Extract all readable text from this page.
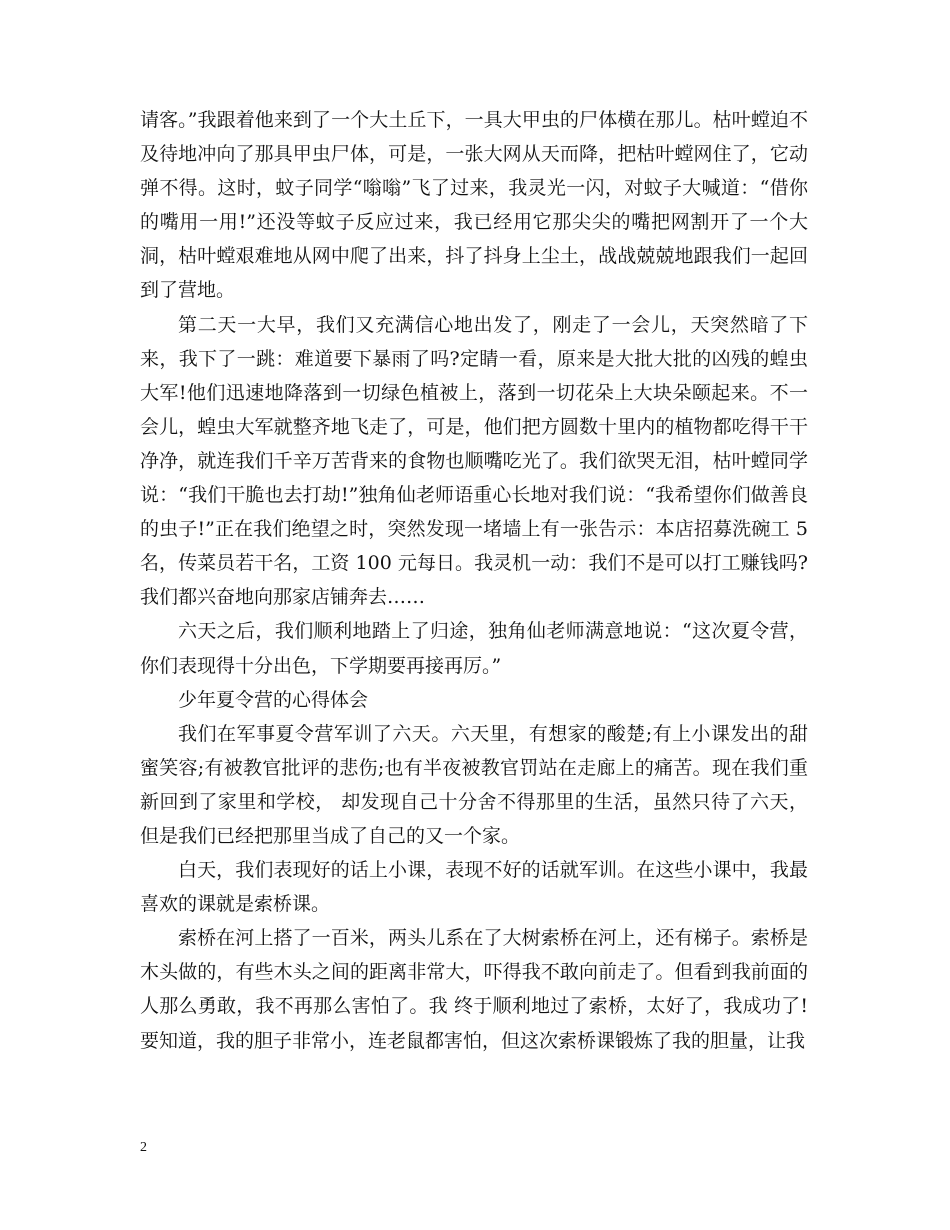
请客。”我跟着他来到了一个大土丘下，一具大甲虫的尸体横在那儿。枯叶螳迫不及待地冲向了那具甲虫尸体，可是，一张大网从天而降，把枯叶螳网住了，它动弹不得。这时，蚊子同学“嗡嗡”飞了过来，我灵光一闪，对蚊子大喊道：“借你的嘴用一用!”还没等蚊子反应过来，我已经用它那尖尖的嘴把网割开了一个大洞，枯叶螳艰难地从网中爬了出来，抖了抖身上尘土，战战兢兢地跟我们一起回到了营地。

第二天一大早，我们又充满信心地出发了，刚走了一会儿，天突然暗了下来，我下了一跳：难道要下暴雨了吗?定睛一看，原来是大批大批的凶残的蝗虫大军!他们迅速地降落到一切绿色植被上，落到一切花朵上大块朵颐起来。不一会儿，蝗虫大军就整齐地飞走了，可是，他们把方圆数十里内的植物都吃得干干净净，就连我们千辛万苦背来的食物也顺嘴吃光了。我们欲哭无泪，枯叶螳同学说：“我们干脆也去打劫!”独角仙老师语重心长地对我们说：“我希望你们做善良的虫子!”正在我们绝望之时，突然发现一堵墙上有一张告示：本店招募洗碗工 5 名，传菜员若干名，工资 100 元每日。我灵机一动：我们不是可以打工赚钱吗?我们都兴奋地向那家店铺奔去……

六天之后，我们顺利地踏上了归途，独角仙老师满意地说：“这次夏令营，你们表现得十分出色，下学期要再接再厉。”

少年夏令营的心得体会

我们在军事夏令营军训了六天。六天里，有想家的酸楚;有上小课发出的甜蜜笑容;有被教官批评的悲伤;也有半夜被教官罚站在走廊上的痛苦。现在我们重新回到了家里和学校， 却发现自己十分舍不得那里的生活，虽然只待了六天，但是我们已经把那里当成了自己的又一个家。

白天，我们表现好的话上小课，表现不好的话就军训。在这些小课中，我最喜欢的课就是索桥课。

索桥在河上搭了一百米，两头儿系在了大树索桥在河上，还有梯子。索桥是木头做的，有些木头之间的距离非常大，吓得我不敢向前走了。但看到我前面的人那么勇敢，我不再那么害怕了。我 终于顺利地过了索桥，太好了，我成功了!要知道，我的胆子非常小，连老鼠都害怕，但这次索桥课锻炼了我的胆量，让我

2
